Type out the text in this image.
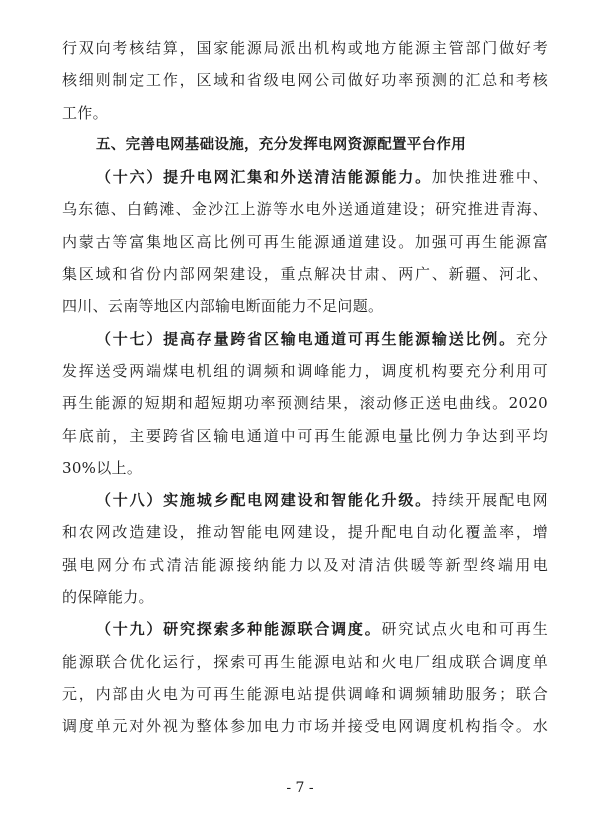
行双向考核结算，国家能源局派出机构或地方能源主管部门做好考
核细则制定工作，区域和省级电网公司做好功率预测的汇总和考核
工作。
五、完善电网基础设施，充分发挥电网资源配置平台作用
（十六）提升电网汇集和外送清洁能源能力。加快推进雅中、
乌东德、白鹤滩、金沙江上游等水电外送通道建设；研究推进青海、
内蒙古等富集地区高比例可再生能源通道建设。加强可再生能源富
集区域和省份内部网架建设，重点解决甘肃、两广、新疆、河北、
四川、云南等地区内部输电断面能力不足问题。
（十七）提高存量跨省区输电通道可再生能源输送比例。充分
发挥送受两端煤电机组的调频和调峰能力，调度机构要充分利用可
再生能源的短期和超短期功率预测结果，滚动修正送电曲线。2020
年底前，主要跨省区输电通道中可再生能源电量比例力争达到平均
30%以上。
（十八）实施城乡配电网建设和智能化升级。持续开展配电网
和农网改造建设，推动智能电网建设，提升配电自动化覆盖率，增
强电网分布式清洁能源接纳能力以及对清洁供暖等新型终端用电
的保障能力。
（十九）研究探索多种能源联合调度。研究试点火电和可再生
能源联合优化运行，探索可再生能源电站和火电厂组成联合调度单
元，内部由火电为可再生能源电站提供调峰和调频辅助服务；联合
调度单元对外视为整体参加电力市场并接受电网调度机构指令。水
- 7 -
